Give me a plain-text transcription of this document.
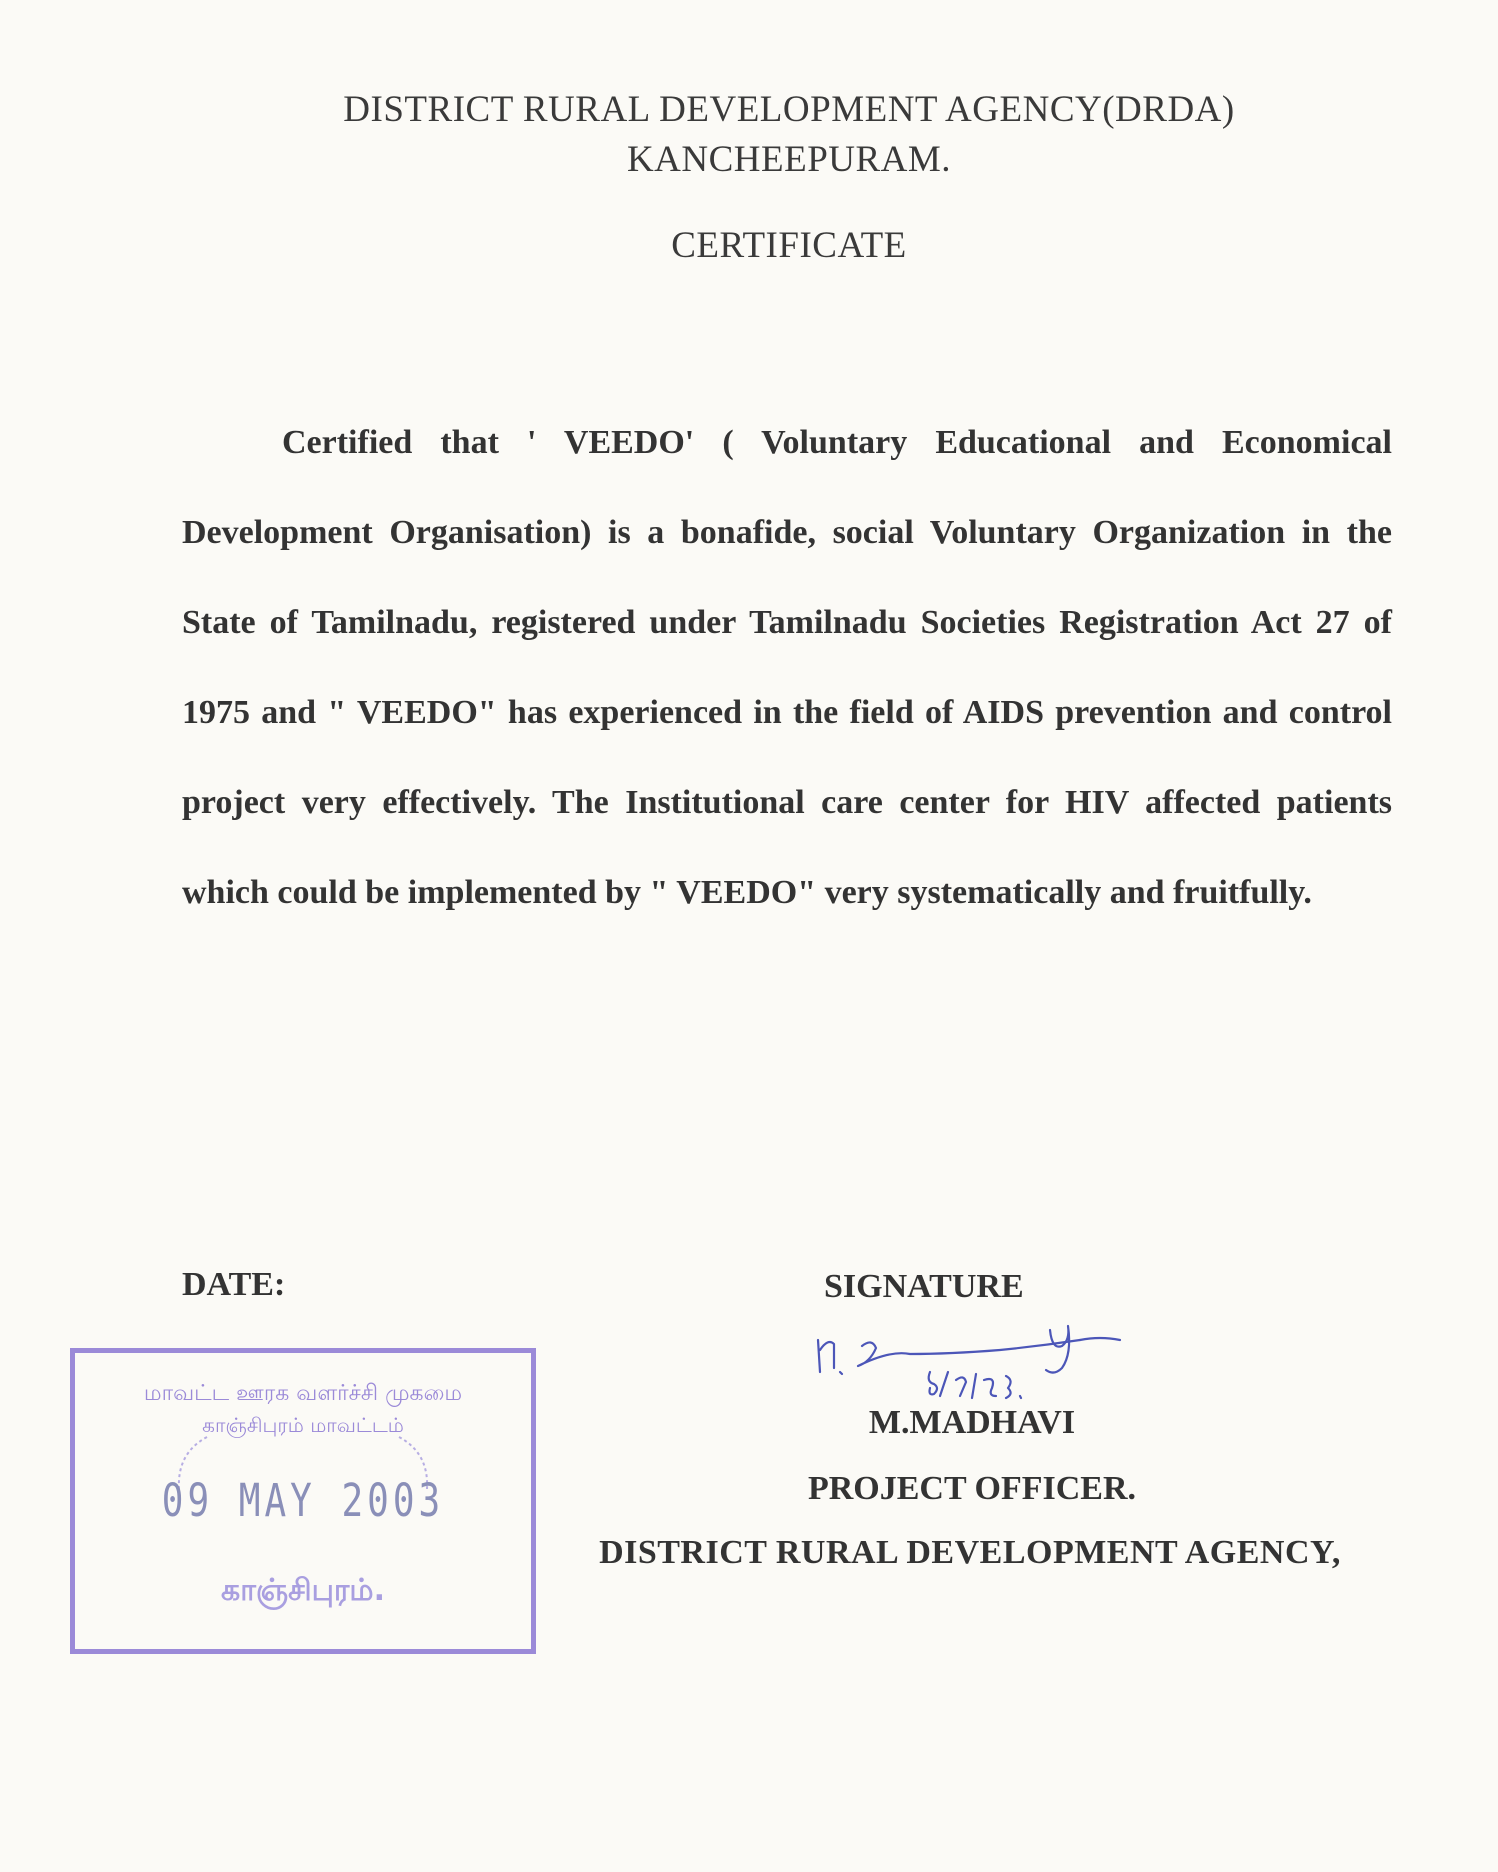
DISTRICT RURAL DEVELOPMENT AGENCY(DRDA)
KANCHEEPURAM.
CERTIFICATE

Certified that ' VEEDO' ( Voluntary Educational and Economical Development Organisation) is a bonafide, social Voluntary Organization in the State of Tamilnadu, registered under Tamilnadu Societies Registration Act 27 of 1975 and " VEEDO" has experienced in the field of AIDS prevention and control project very effectively. The Institutional care center for HIV affected patients which could be implemented by " VEEDO" very systematically and fruitfully.

DATE:	SIGNATURE
M.MADHAVI
PROJECT OFFICER.
DISTRICT RURAL DEVELOPMENT AGENCY,
மாவட்ட ஊரக வளர்ச்சி முகமை
காஞ்சிபுரம் மாவட்டம்
09 MAY 2003
காஞ்சிபுரம்.
